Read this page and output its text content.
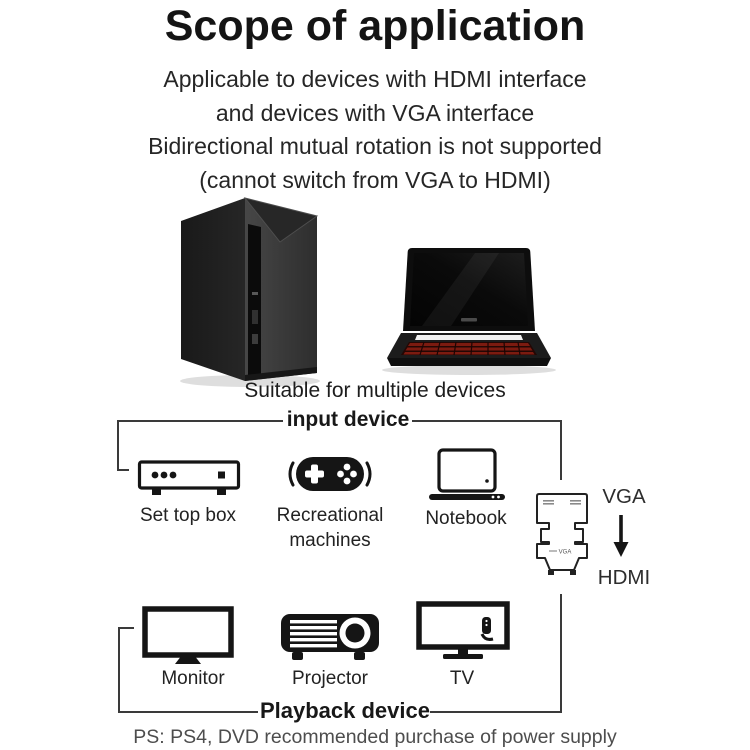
Scope of application
Applicable to devices with HDMI interface
and devices with VGA interface
Bidirectional mutual rotation is not supported
(cannot switch from VGA to HDMI)
Suitable for multiple devices
input device
Set top box	Recreational machines
Notebook
VGA
VGA
HDMI
Monitor	Projector	TV
Playback device
PS: PS4, DVD recommended purchase of power supply
